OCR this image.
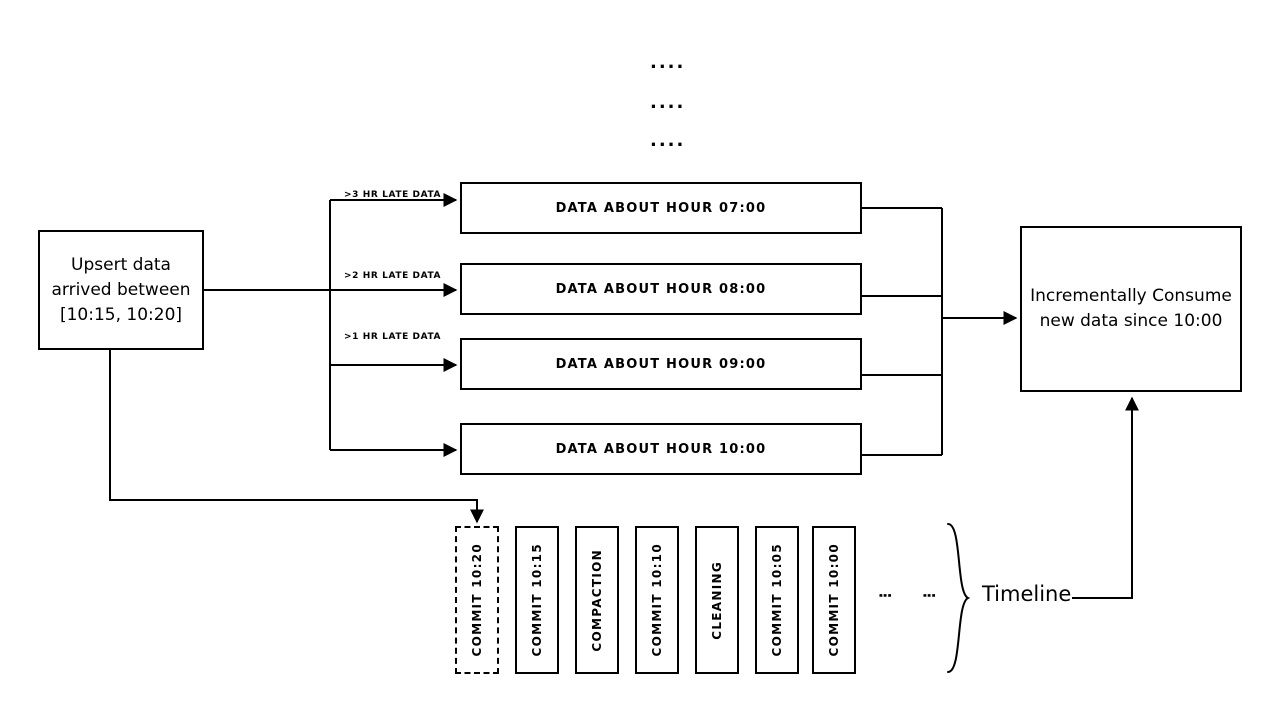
....
....
....
Upsert data
arrived between
[10:15, 10:20]
DATA ABOUT HOUR 07:00
DATA ABOUT HOUR 08:00
DATA ABOUT HOUR 09:00
DATA ABOUT HOUR 10:00
>3 HR LATE DATA
>2 HR LATE DATA
>1 HR LATE DATA
Incrementally Consume
new data since 10:00
COMMIT 10:20	COMMIT 10:15	COMPACTION	COMMIT 10:10	CLEANING	COMMIT 10:05	COMMIT 10:00 ⋮ ⋮ Timeline
